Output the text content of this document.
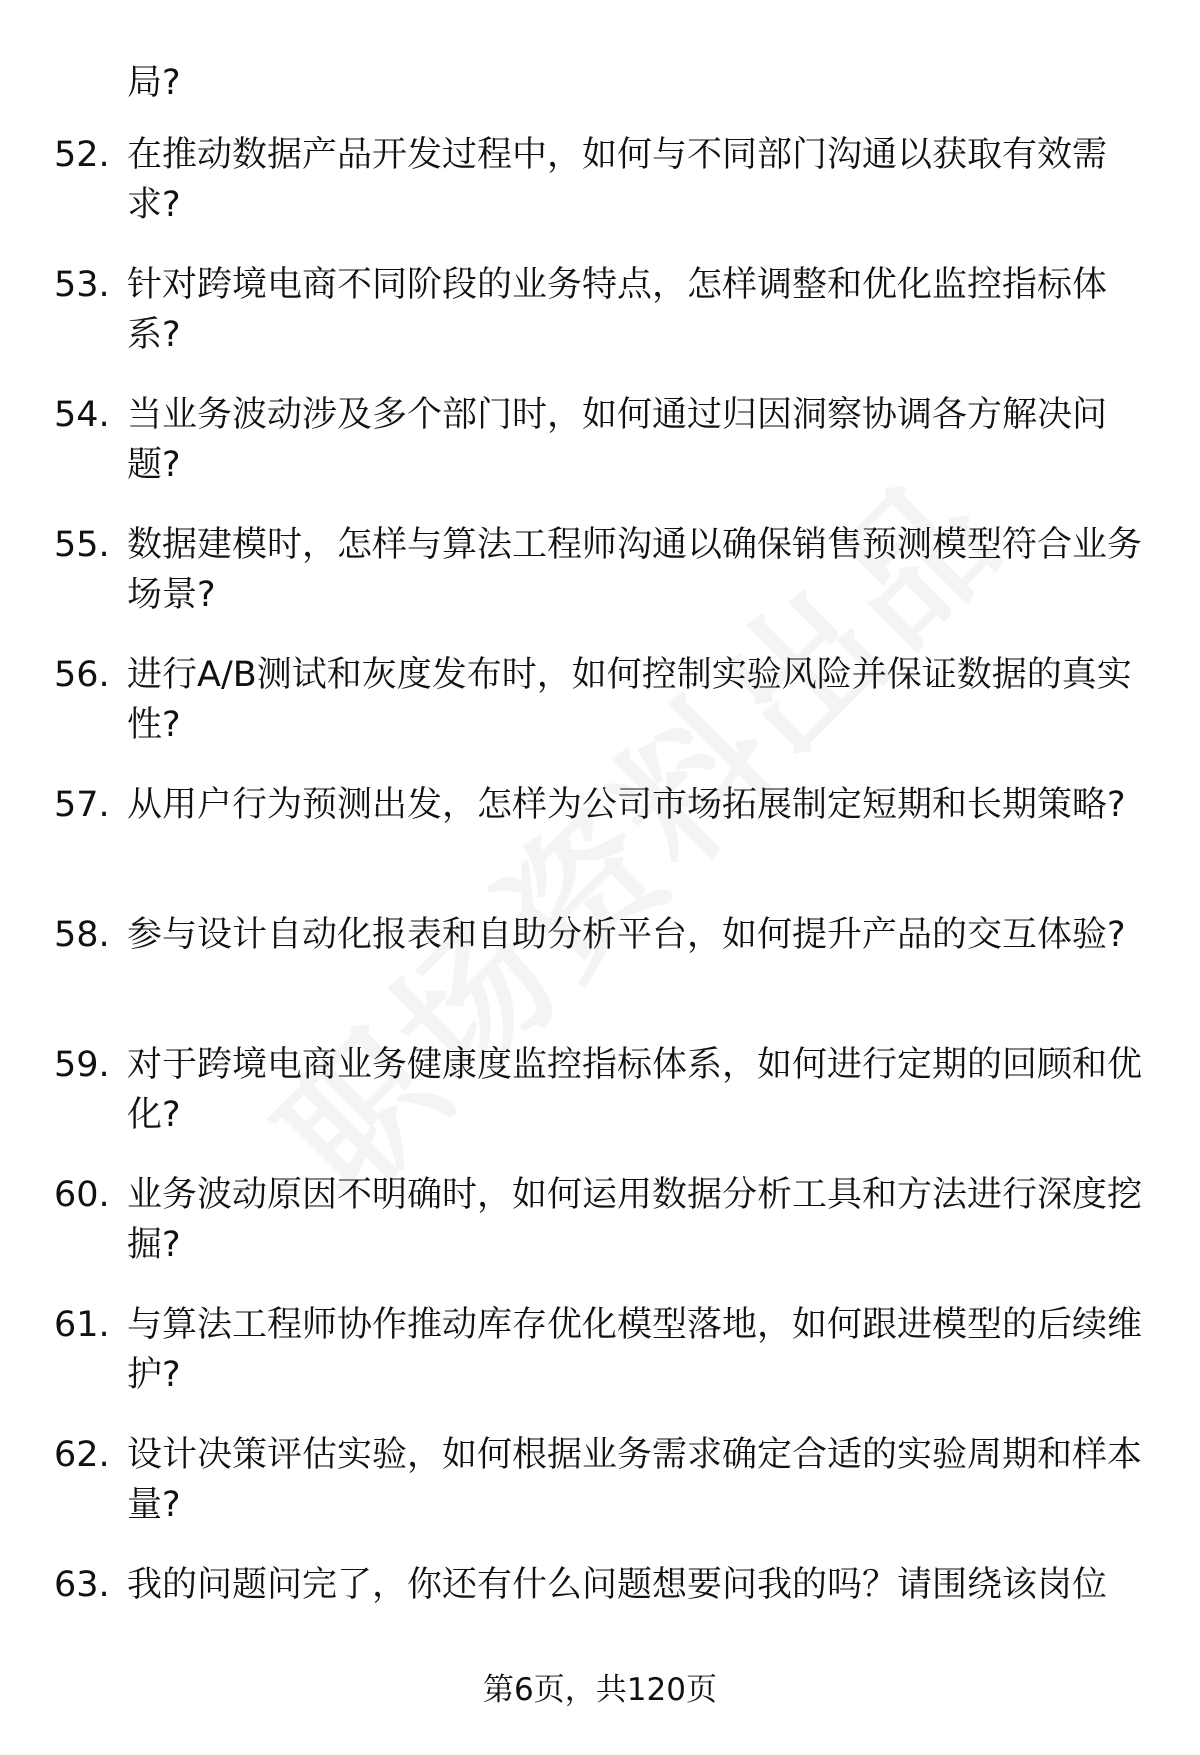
局?
52. 在推动数据产品开发过程中，如何与不同部门沟通以获取有效需求?
53. 针对跨境电商不同阶段的业务特点，怎样调整和优化监控指标体系?
54. 当业务波动涉及多个部门时，如何通过归因洞察协调各方解决问题?
55. 数据建模时，怎样与算法工程师沟通以确保销售预测模型符合业务场景?
56. 进行A/B测试和灰度发布时，如何控制实验风险并保证数据的真实性?
57. 从用户行为预测出发，怎样为公司市场拓展制定短期和长期策略?
58. 参与设计自动化报表和自助分析平台，如何提升产品的交互体验?
59. 对于跨境电商业务健康度监控指标体系，如何进行定期的回顾和优化?
60. 业务波动原因不明确时，如何运用数据分析工具和方法进行深度挖掘?
61. 与算法工程师协作推动库存优化模型落地，如何跟进模型的后续维护?
62. 设计决策评估实验，如何根据业务需求确定合适的实验周期和样本量?
63. 我的问题问完了，你还有什么问题想要问我的吗？请围绕该岗位
第6页，共120页
